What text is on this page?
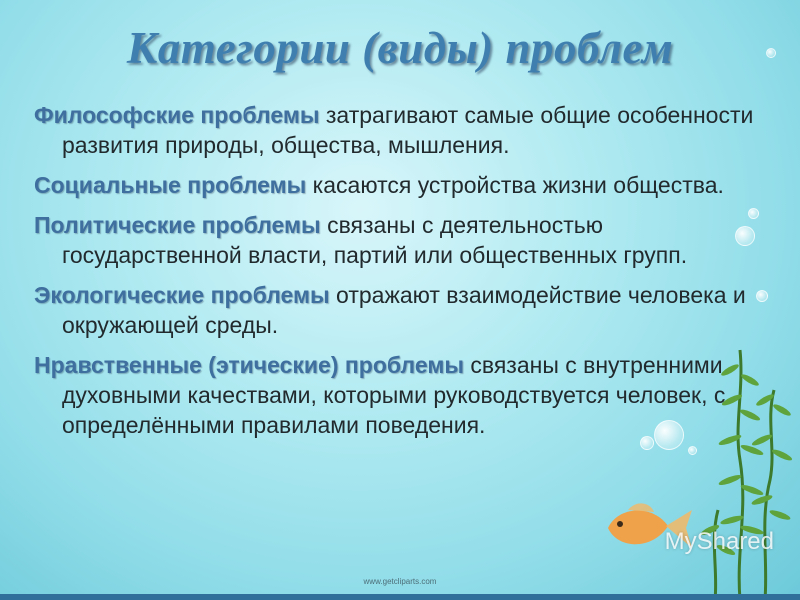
Категории (виды) проблем

Философские проблемы затрагивают самые общие особенности развития природы, общества, мышления.

Социальные проблемы касаются устройства жизни общества.

Политические проблемы связаны с деятельностью государственной власти, партий или общественных групп.

Экологические проблемы отражают взаимодействие человека и окружающей среды.

Нравственные (этические) проблемы связаны с внутренними духовными качествами, которыми руководствуется человек, с определёнными правилами поведения.

MyShared
www.getcliparts.com
